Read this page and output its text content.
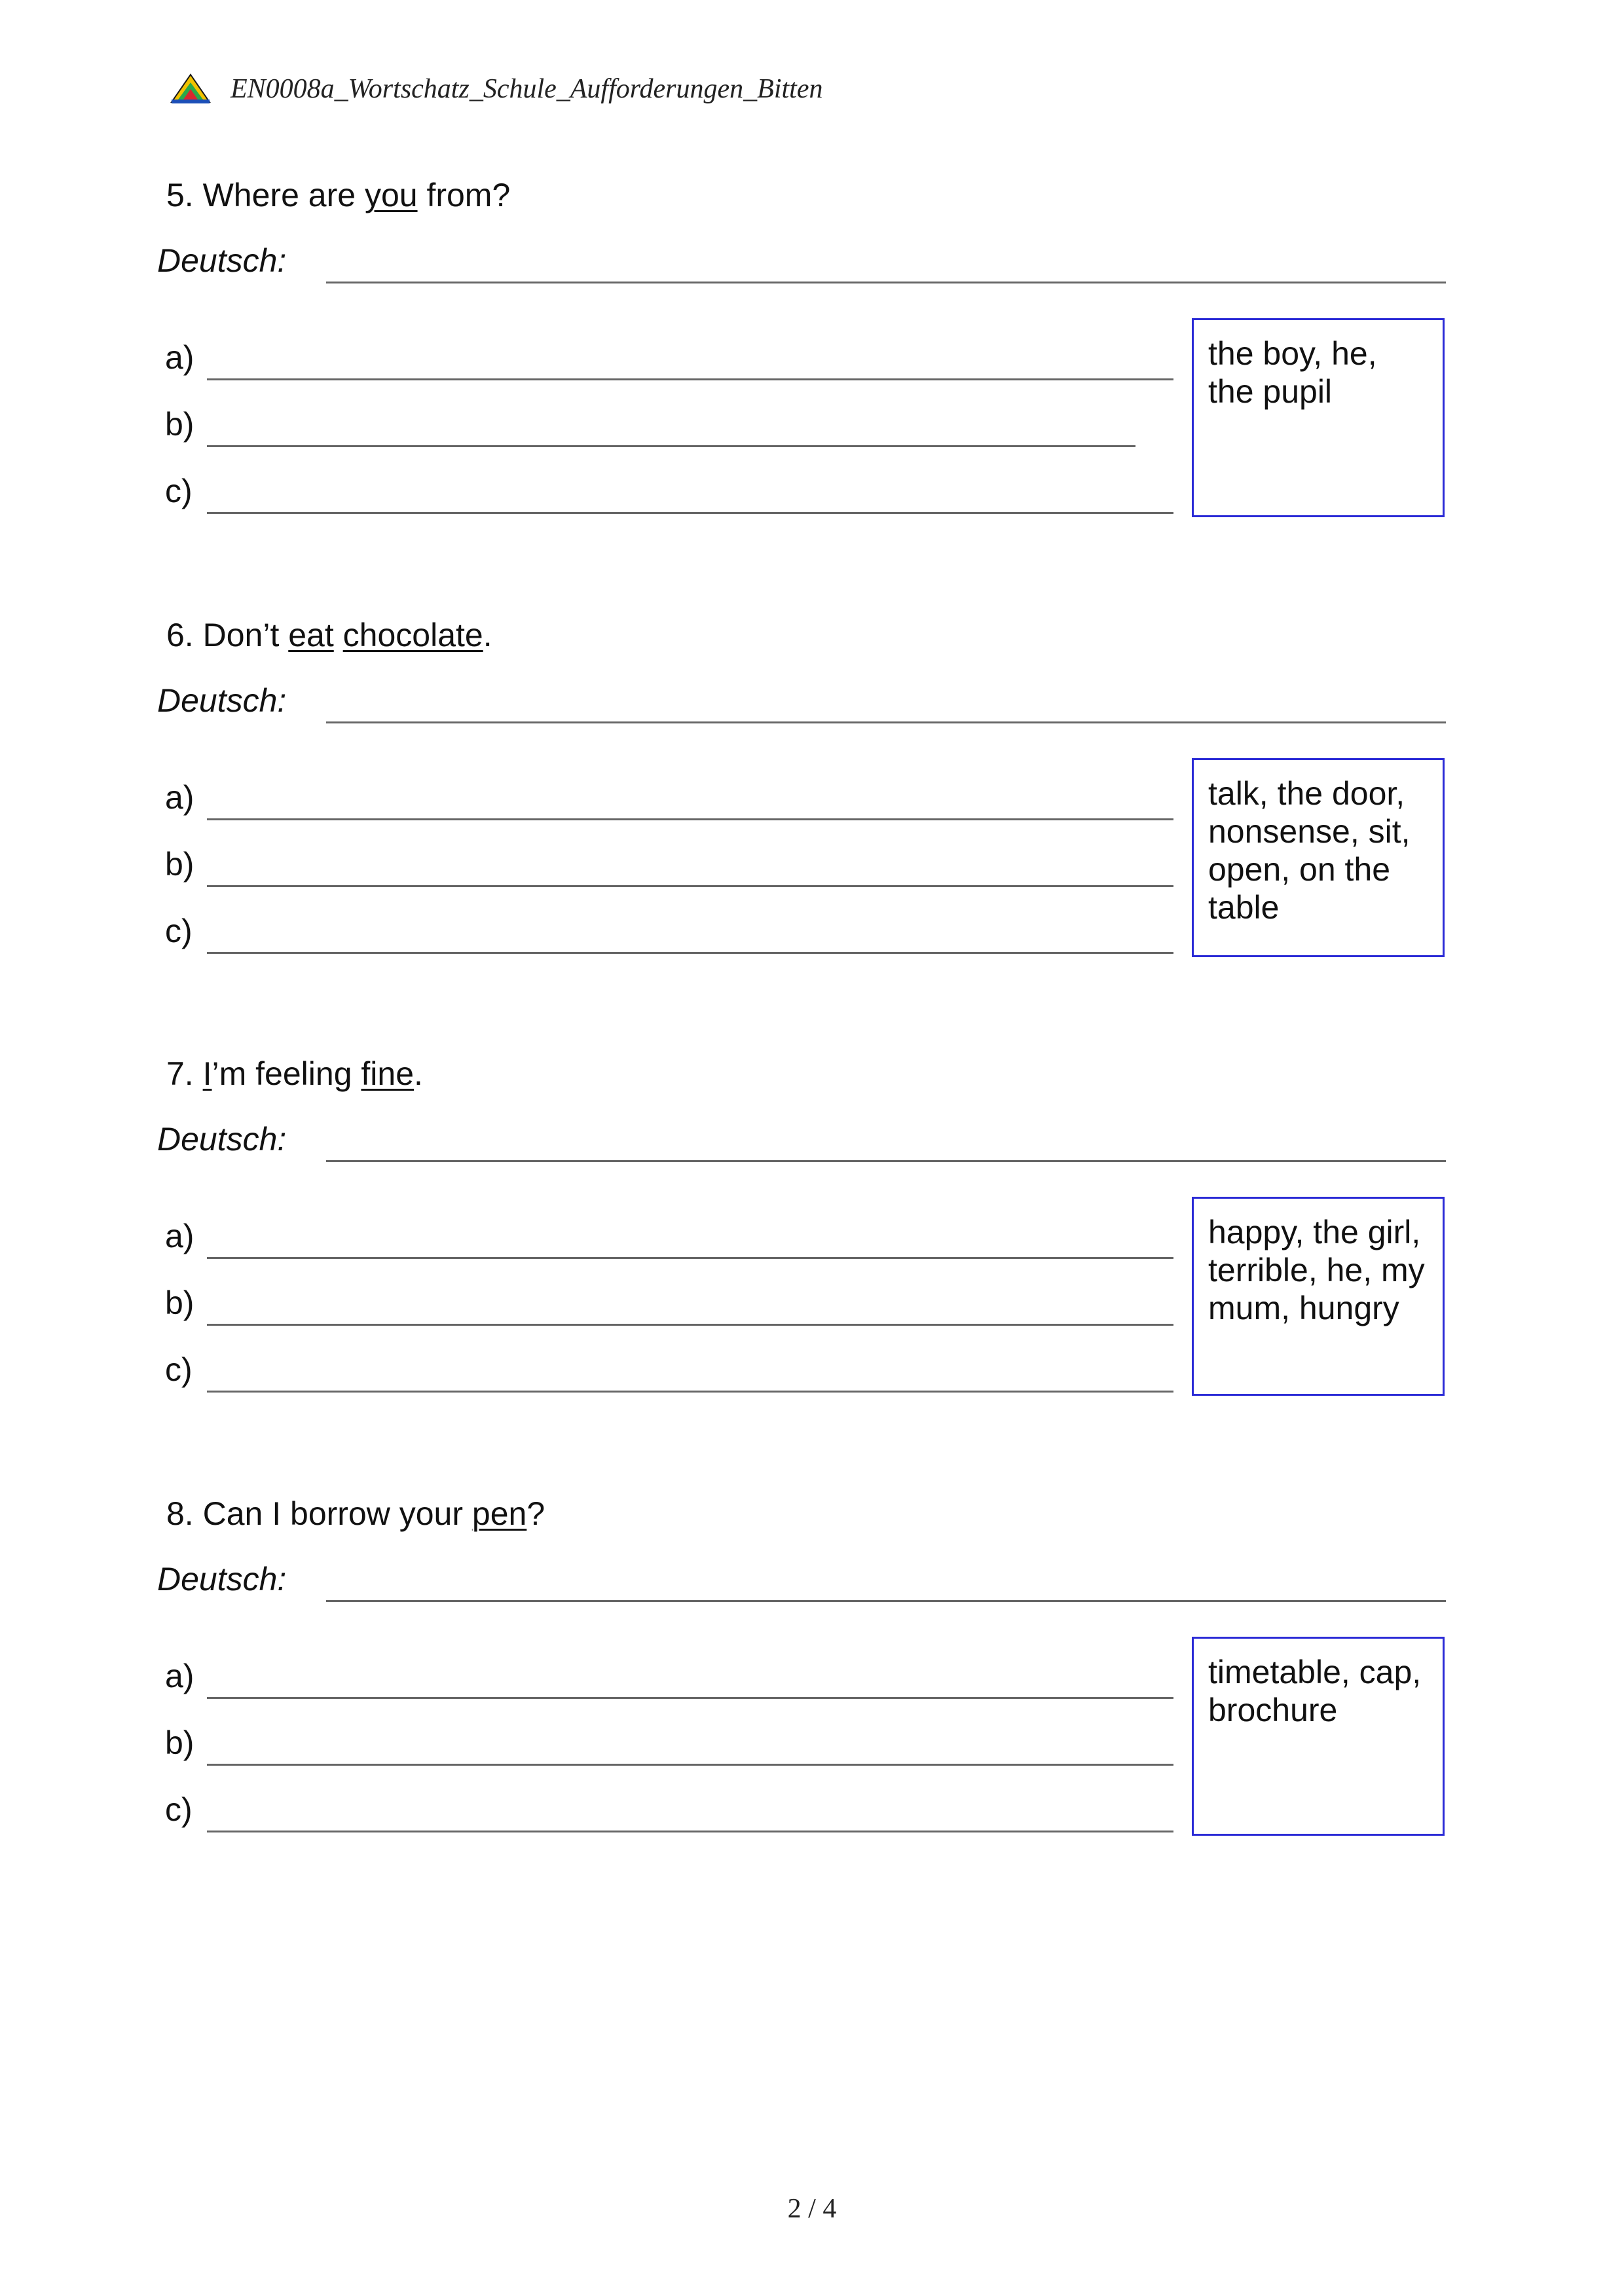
EN0008a_Wortschatz_Schule_Aufforderungen_Bitten
5. Where are you from?
Deutsch:
a)
b)
c)
the boy, he, the pupil
6. Don’t eat chocolate.
Deutsch:
a)
b)
c)
talk, the door, nonsense, sit, open, on the table
7. I’m feeling fine.
Deutsch:
a)
b)
c)
happy, the girl, terrible, he, my mum, hungry
8. Can I borrow your pen?
Deutsch:
a)
b)
c)
timetable, cap, brochure
2 / 4
